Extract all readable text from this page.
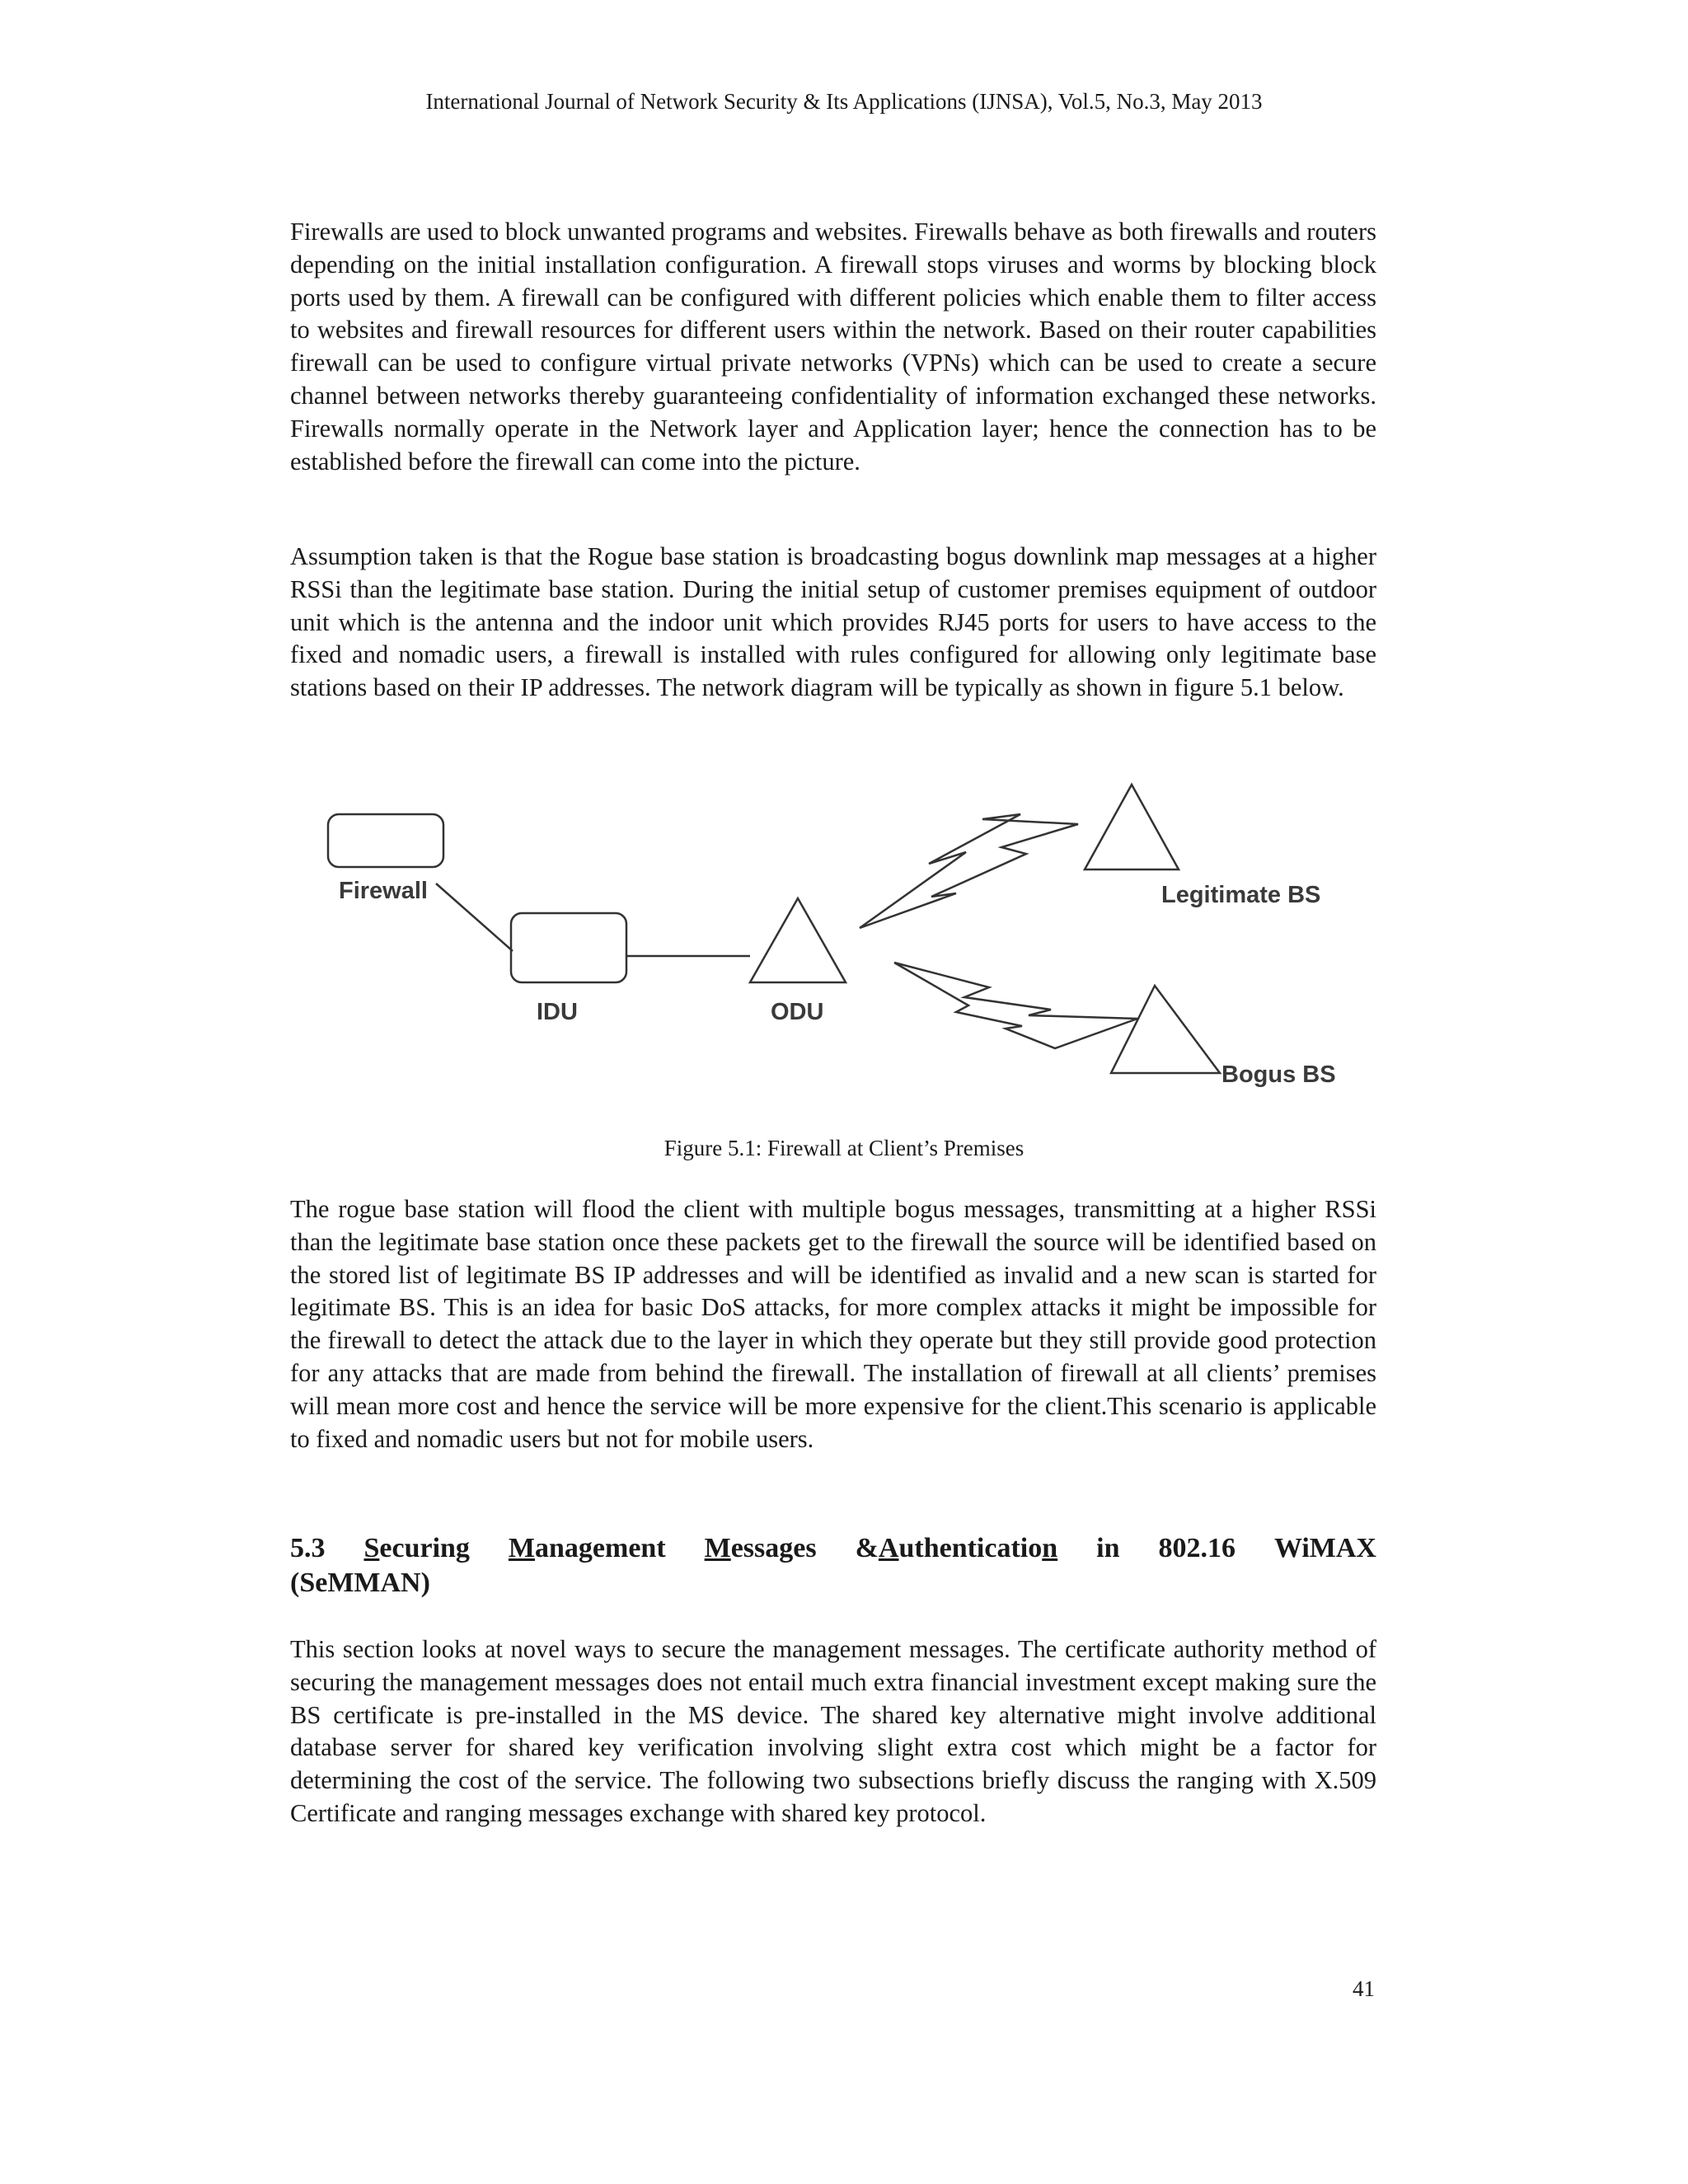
International Journal of Network Security & Its Applications (IJNSA), Vol.5, No.3, May 2013

Firewalls are used to block unwanted programs and websites. Firewalls behave as both firewalls and routers depending on the initial installation configuration. A firewall stops viruses and worms by blocking block ports used by them. A firewall can be configured with different policies which enable them to filter access to websites and firewall resources for different users within the network. Based on their router capabilities firewall can be used to configure virtual private networks (VPNs) which can be used to create a secure channel between networks thereby guaranteeing confidentiality of information exchanged these networks. Firewalls normally operate in the Network layer and Application layer; hence the connection has to be established before the firewall can come into the picture.

Assumption taken is that the Rogue base station is broadcasting bogus downlink map messages at a higher RSSi than the legitimate base station. During the initial setup of customer premises equipment of outdoor unit which is the antenna and the indoor unit which provides RJ45 ports for users to have access to the fixed and nomadic users, a firewall is installed with rules configured for allowing only legitimate base stations based on their IP addresses. The network diagram will be typically as shown in figure 5.1 below.

Firewall
IDU	ODU
Legitimate BS
Bogus BS
Figure 5.1: Firewall at Client’s Premises

The rogue base station will flood the client with multiple bogus messages, transmitting at a higher RSSi than the legitimate base station once these packets get to the firewall the source will be identified based on the stored list of legitimate BS IP addresses and will be identified as invalid and a new scan is started for legitimate BS. This is an idea for basic DoS attacks, for more complex attacks it might be impossible for the firewall to detect the attack due to the layer in which they operate but they still provide good protection for any attacks that are made from behind the firewall. The installation of firewall at all clients’ premises will mean more cost and hence the service will be more expensive for the client.This scenario is applicable to fixed and nomadic users but not for mobile users.

5.3 Securing Management Messages &Authentication in 802.16 WiMAX
(SeMMAN)

This section looks at novel ways to secure the management messages. The certificate authority method of securing the management messages does not entail much extra financial investment except making sure the BS certificate is pre-installed in the MS device. The shared key alternative might involve additional database server for shared key verification involving slight extra cost which might be a factor for determining the cost of the service. The following two subsections briefly discuss the ranging with X.509 Certificate and ranging messages exchange with shared key protocol.

41
